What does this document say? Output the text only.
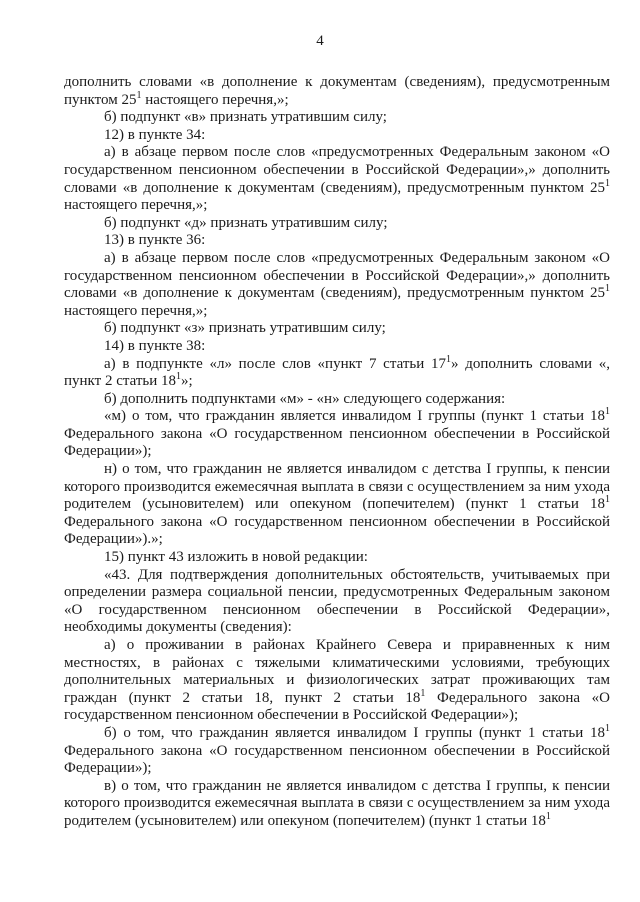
4

дополнить словами «в дополнение к документам (сведениям), предусмотренным пунктом $25^1$ настоящего перечня,»;

б) подпункт «в» признать утратившим силу;

12) в пункте 34:

а) в абзаце первом после слов «предусмотренных Федеральным законом «О государственном пенсионном обеспечении в Российской Федерации»,» дополнить словами «в дополнение к документам (сведениям), предусмотренным пунктом $25^1$ настоящего перечня,»;

б) подпункт «д» признать утратившим силу;

13) в пункте 36:

а) в абзаце первом после слов «предусмотренных Федеральным законом «О государственном пенсионном обеспечении в Российской Федерации»,» дополнить словами «в дополнение к документам (сведениям), предусмотренным пунктом $25^1$ настоящего перечня,»;

б) подпункт «з» признать утратившим силу;

14) в пункте 38:

а) в подпункте «л» после слов «пункт 7 статьи $17^1$» дополнить словами «, пункт 2 статьи $18^1$»;

б) дополнить подпунктами «м» - «н» следующего содержания:

«м) о том, что гражданин является инвалидом I группы (пункт 1 статьи $18^1$ Федерального закона «О государственном пенсионном обеспечении в Российской Федерации»);

н) о том, что гражданин не является инвалидом с детства I группы, к пенсии которого производится ежемесячная выплата в связи с осуществлением за ним ухода родителем (усыновителем) или опекуном (попечителем) (пункт 1 статьи $18^1$ Федерального закона «О государственном пенсионном обеспечении в Российской Федерации»).»;

15) пункт 43 изложить в новой редакции:

«43. Для подтверждения дополнительных обстоятельств, учитываемых при определении размера социальной пенсии, предусмотренных Федеральным законом «О государственном пенсионном обеспечении в Российской Федерации», необходимы документы (сведения):

а) о проживании в районах Крайнего Севера и приравненных к ним местностях, в районах с тяжелыми климатическими условиями, требующих дополнительных материальных и физиологических затрат проживающих там граждан (пункт 2 статьи 18, пункт 2 статьи $18^1$ Федерального закона «О государственном пенсионном обеспечении в Российской Федерации»);

б) о том, что гражданин является инвалидом I группы (пункт 1 статьи $18^1$ Федерального закона «О государственном пенсионном обеспечении в Российской Федерации»);

в) о том, что гражданин не является инвалидом с детства I группы, к пенсии которого производится ежемесячная выплата в связи с осуществлением за ним ухода родителем (усыновителем) или опекуном (попечителем) (пункт 1 статьи $18^1$
